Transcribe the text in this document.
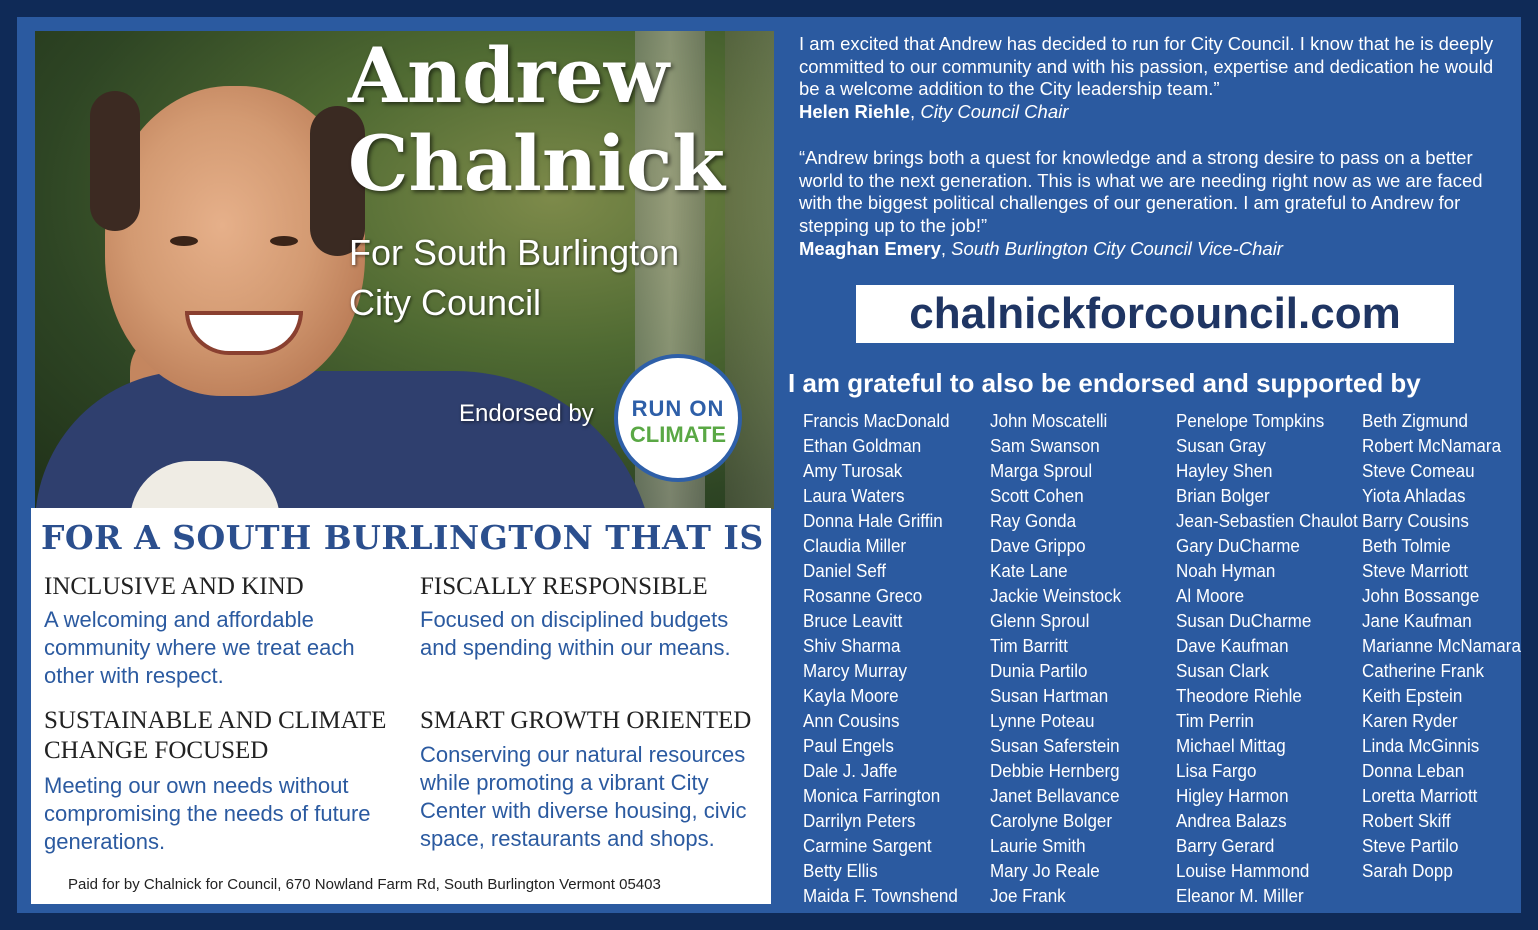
Andrew
Chalnick
For South Burlington
City Council
Endorsed by	RUN ON
CLIMATE
FOR A SOUTH BURLINGTON THAT IS
INCLUSIVE AND KIND
A welcoming and affordable community where we treat each other with respect.
FISCALLY RESPONSIBLE
Focused on disciplined budgets and spending within our means.
SUSTAINABLE AND CLIMATE CHANGE FOCUSED
Meeting our own needs without compromising the needs of future generations.
SMART GROWTH ORIENTED
Conserving our natural resources while promoting a vibrant City Center with diverse housing, civic space, restaurants and shops.
Paid for by Chalnick for Council, 670 Nowland Farm Rd, South Burlington Vermont 05403
I am excited that Andrew has decided to run for City Council. I know that he is deeply committed to our community and with his passion, expertise and dedication he would be a welcome addition to the City leadership team.”
Helen Riehle, City Council Chair
“Andrew brings both a quest for knowledge and a strong desire to pass on a better world to the next generation. This is what we are needing right now as we are faced with the biggest political challenges of our generation. I am grateful to Andrew for stepping up to the job!”
Meaghan Emery, South Burlington City Council Vice-Chair
chalnickforcouncil.com
I am grateful to also be endorsed and supported by
Francis MacDonald
Ethan Goldman
Amy Turosak
Laura Waters
Donna Hale Griffin
Claudia Miller
Daniel Seff
Rosanne Greco
Bruce Leavitt
Shiv Sharma
Marcy Murray
Kayla Moore
Ann Cousins
Paul Engels
Dale J. Jaffe
Monica Farrington
Darrilyn Peters
Carmine Sargent
Betty Ellis
Maida F. Townshend
John Moscatelli
Sam Swanson
Marga Sproul
Scott Cohen
Ray Gonda
Dave Grippo
Kate Lane
Jackie Weinstock
Glenn Sproul
Tim Barritt
Dunia Partilo
Susan Hartman
Lynne Poteau
Susan Saferstein
Debbie Hernberg
Janet Bellavance
Carolyne Bolger
Laurie Smith
Mary Jo Reale
Joe Frank
Penelope Tompkins
Susan Gray
Hayley Shen
Brian Bolger
Jean-Sebastien Chaulot
Gary DuCharme
Noah Hyman
Al Moore
Susan DuCharme
Dave Kaufman
Susan Clark
Theodore Riehle
Tim Perrin
Michael Mittag
Lisa Fargo
Higley Harmon
Andrea Balazs
Barry Gerard
Louise Hammond
Eleanor M. Miller
Beth Zigmund
Robert McNamara
Steve Comeau
Yiota Ahladas
Barry Cousins
Beth Tolmie
Steve Marriott
John Bossange
Jane Kaufman
Marianne McNamara
Catherine Frank
Keith Epstein
Karen Ryder
Linda McGinnis
Donna Leban
Loretta Marriott
Robert Skiff
Steve Partilo
Sarah Dopp
